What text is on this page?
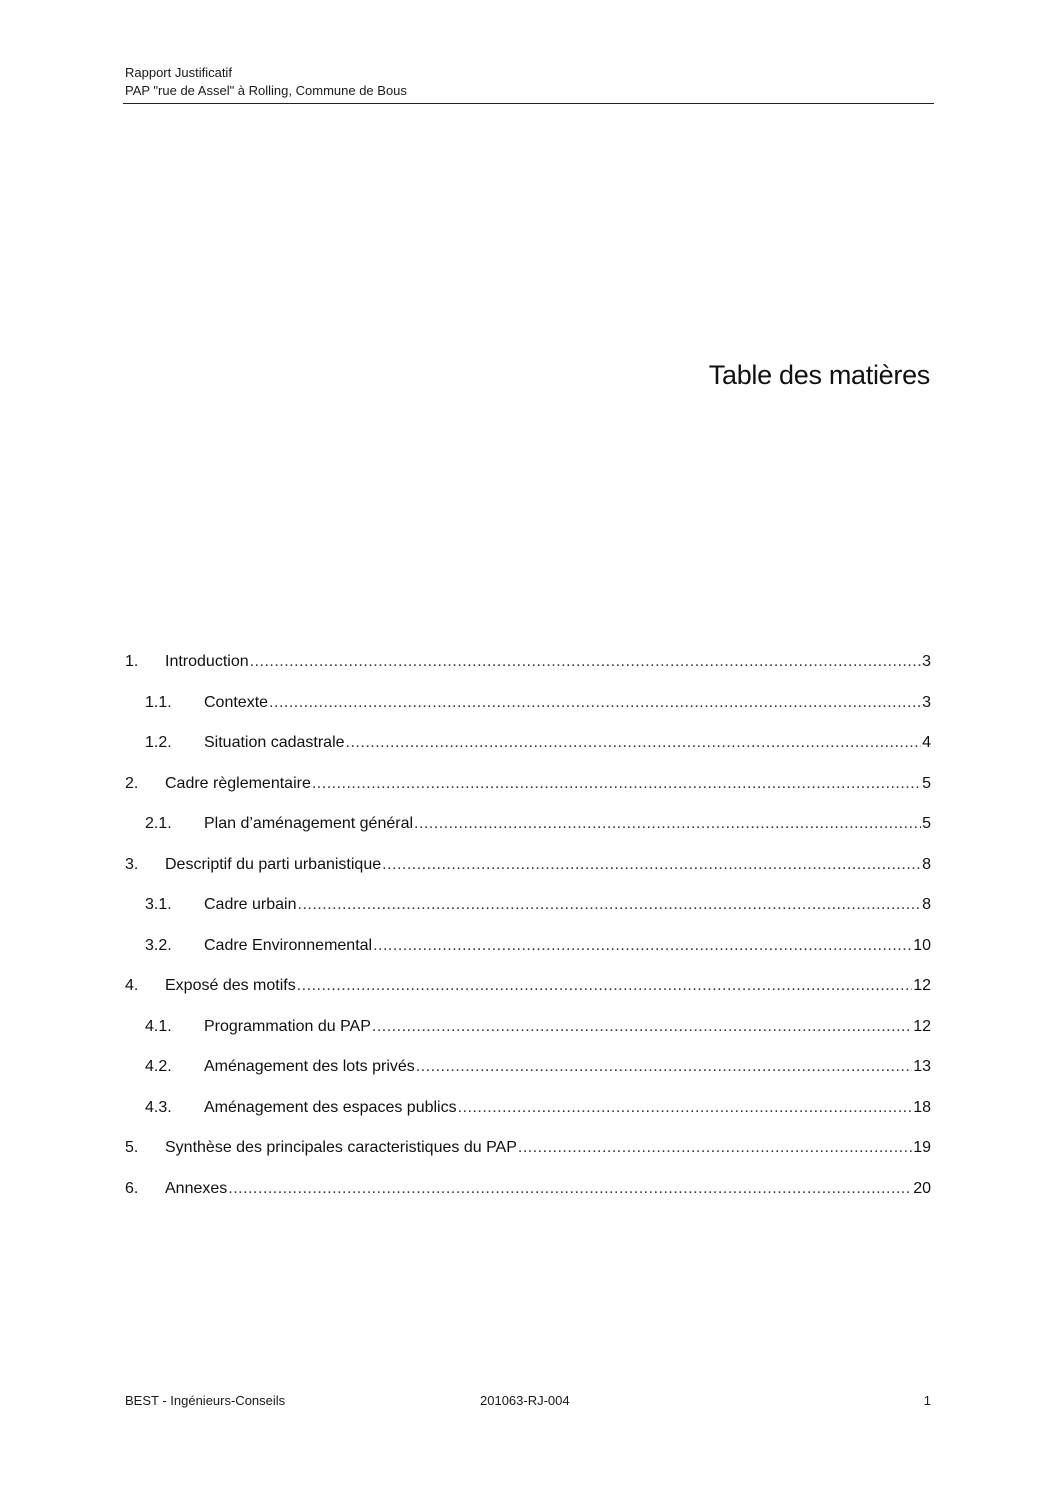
Rapport Justificatif
PAP "rue de Assel" à Rolling, Commune de Bous
Table des matières
1.	Introduction .....	3
1.1.	Contexte .....	3
1.2.	Situation cadastrale .....	4
2.	Cadre règlementaire .....	5
2.1.	Plan d’aménagement général .....	5
3.	Descriptif du parti urbanistique .....	8
3.1.	Cadre urbain .....	8
3.2.	Cadre Environnemental .....	10
4.	Exposé des motifs .....	12
4.1.	Programmation du PAP .....	12
4.2.	Aménagement des lots privés .....	13
4.3.	Aménagement des espaces publics .....	18
5.	Synthèse des principales caracteristiques du PAP .....	19
6.	Annexes .....	20
BEST - Ingénieurs-Conseils	201063-RJ-004	1
